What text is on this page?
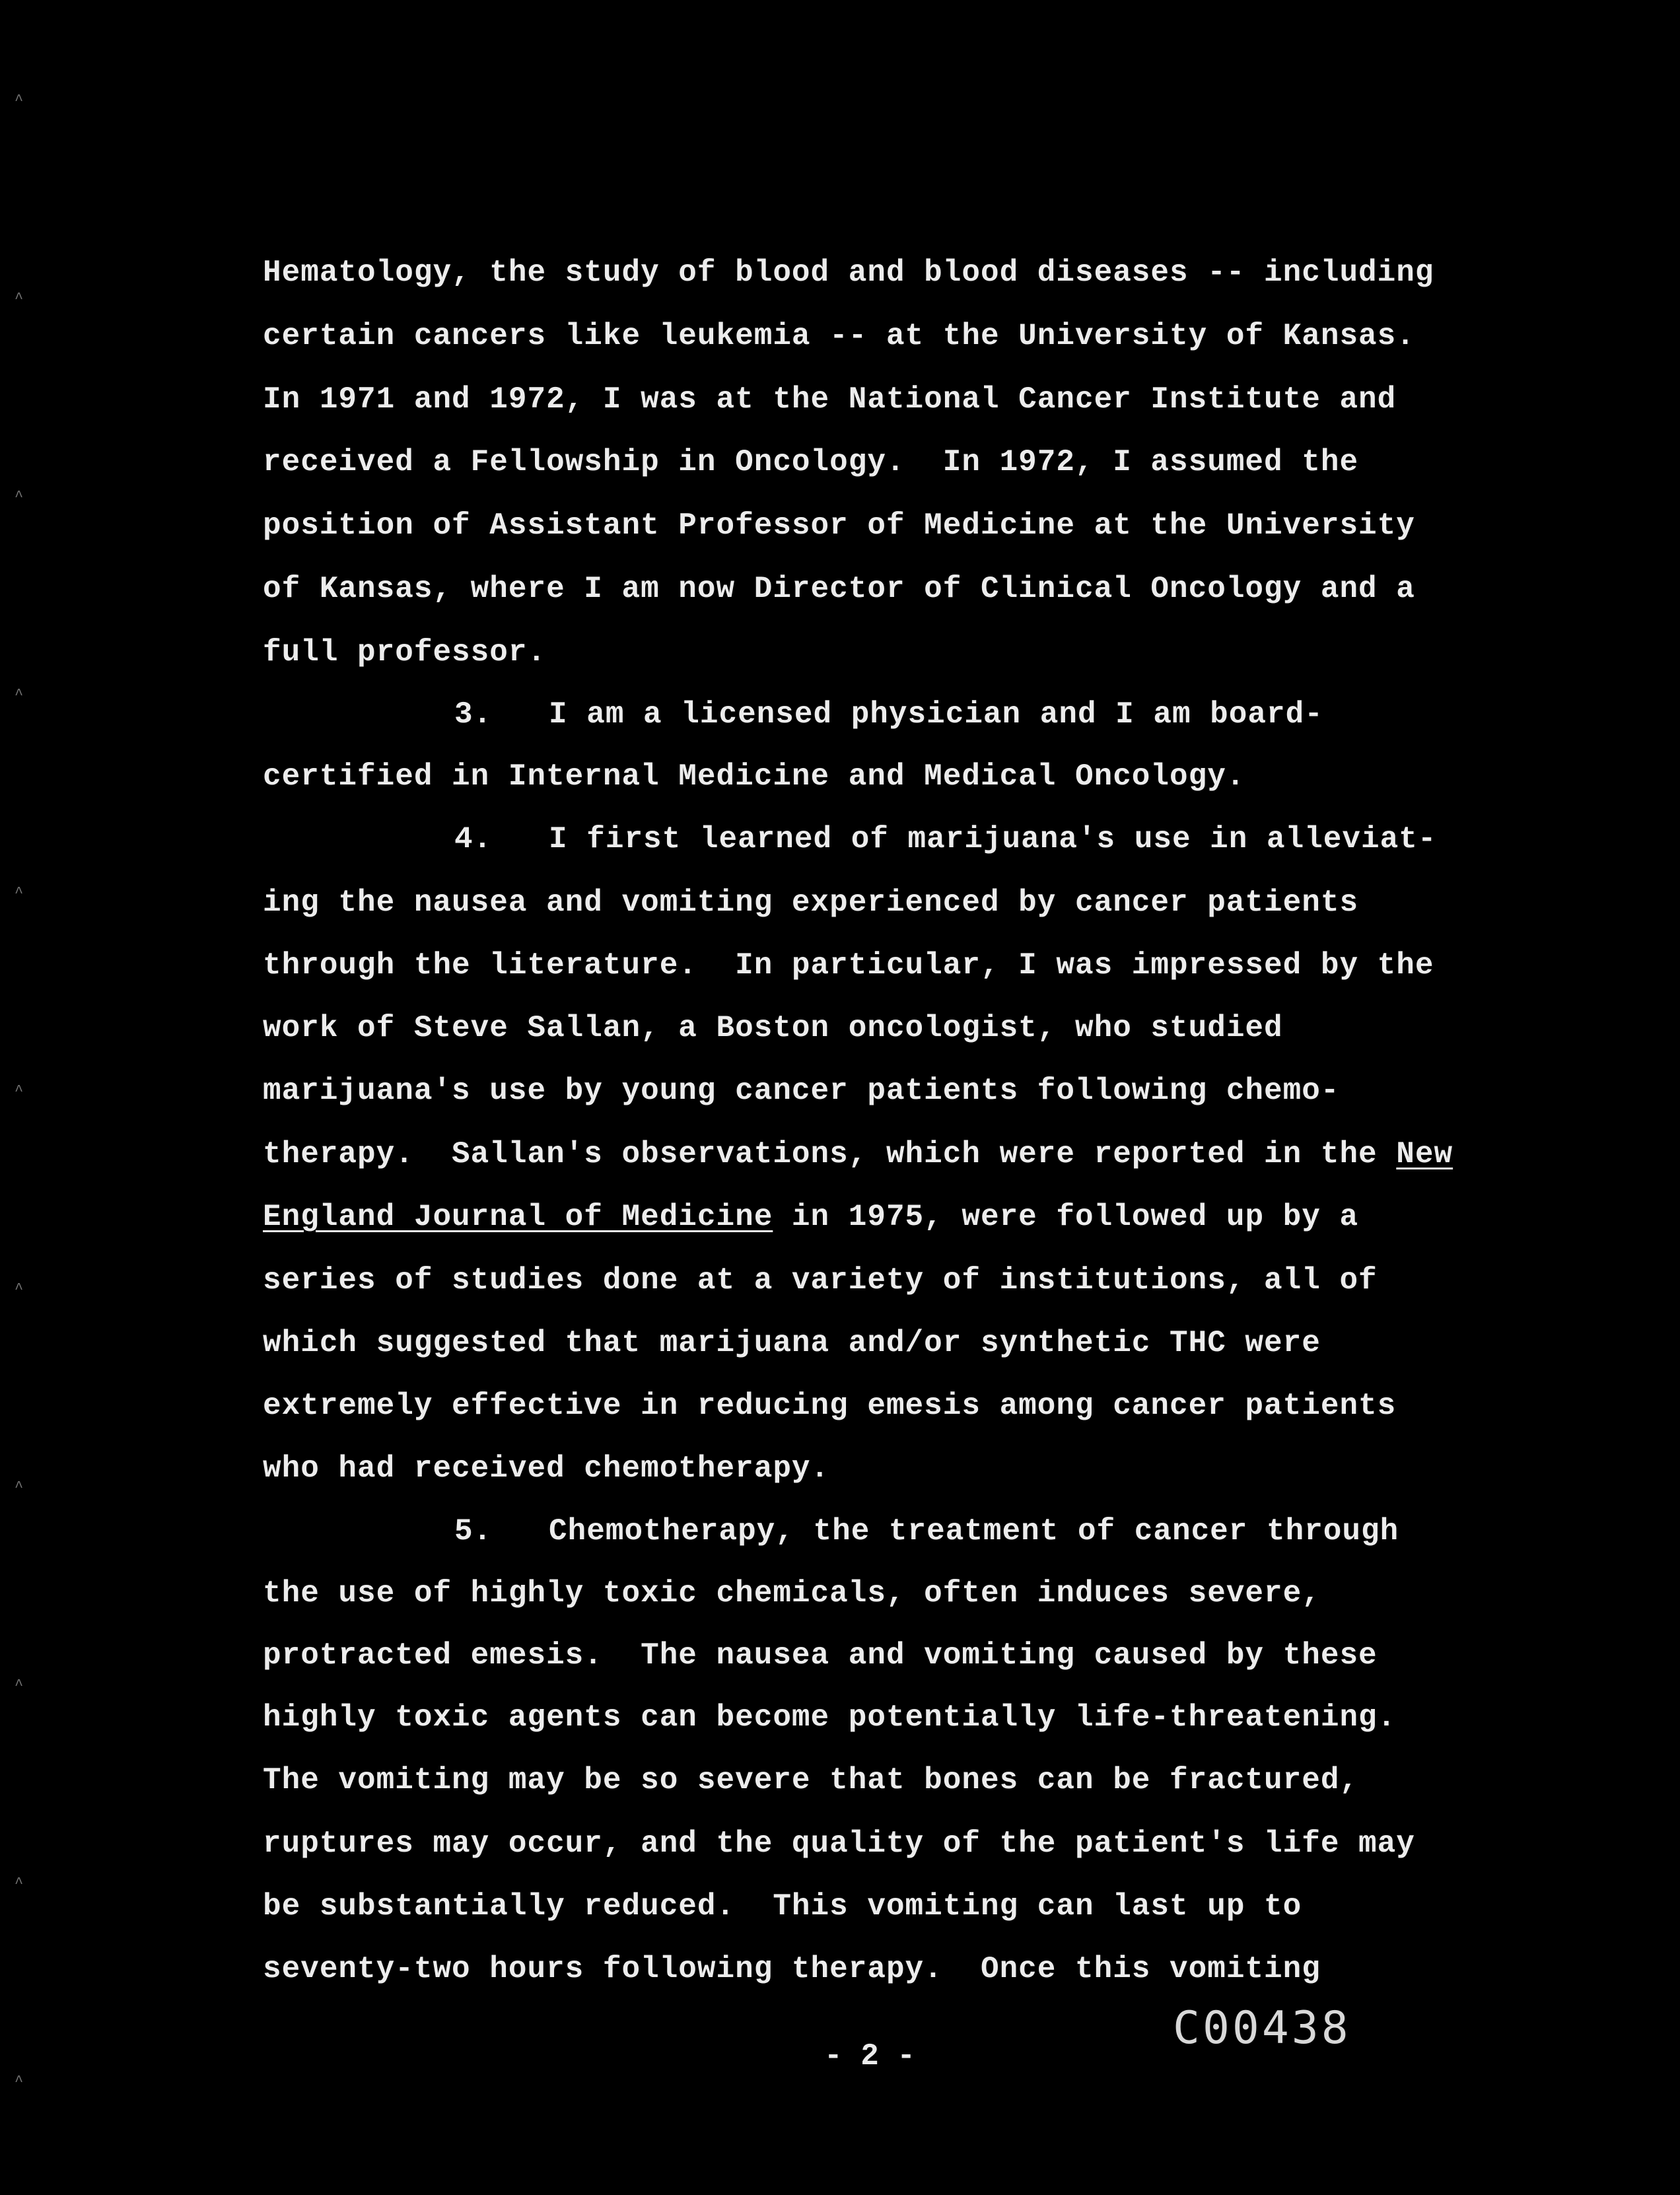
Hematology, the study of blood and blood diseases -- including
certain cancers like leukemia -- at the University of Kansas.
In 1971 and 1972, I was at the National Cancer Institute and
received a Fellowship in Oncology.  In 1972, I assumed the
position of Assistant Professor of Medicine at the University
of Kansas, where I am now Director of Clinical Oncology and a
full professor.
3.   I am a licensed physician and I am board-
certified in Internal Medicine and Medical Oncology.
4.   I first learned of marijuana's use in alleviat-
ing the nausea and vomiting experienced by cancer patients
through the literature.  In particular, I was impressed by the
work of Steve Sallan, a Boston oncologist, who studied
marijuana's use by young cancer patients following chemo-
therapy.  Sallan's observations, which were reported in the New
England Journal of Medicine in 1975, were followed up by a
series of studies done at a variety of institutions, all of
which suggested that marijuana and/or synthetic THC were
extremely effective in reducing emesis among cancer patients
who had received chemotherapy.
5.   Chemotherapy, the treatment of cancer through
the use of highly toxic chemicals, often induces severe,
protracted emesis.  The nausea and vomiting caused by these
highly toxic agents can become potentially life-threatening.
The vomiting may be so severe that bones can be fractured,
ruptures may occur, and the quality of the patient's life may
be substantially reduced.  This vomiting can last up to
seventy-two hours following therapy.  Once this vomiting
- 2 -
C00438
^
^
^
^
^
^
^
^
^
^
^
